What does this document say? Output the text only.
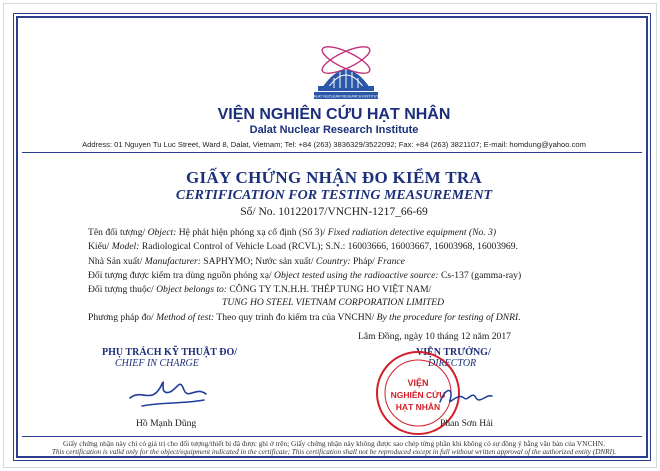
DALAT NUCLEAR RESEARCH INSTITUTE
VIỆN NGHIÊN CỨU HẠT NHÂN
Dalat Nuclear Research Institute
Address: 01 Nguyen Tu Luc Street, Ward 8, Dalat, Vietnam; Tel: +84 (263) 3836329/3522092; Fax: +84 (263) 3821107; E-mail: homdung@yahoo.com
GIẤY CHỨNG NHẬN ĐO KIỂM TRA
CERTIFICATION FOR TESTING MEASUREMENT
Số/ No. 10122017/VNCHN-1217_66-69
Tên đối tượng/ Object: Hệ phát hiện phóng xạ cố định (Số 3)/ Fixed radiation detective equipment (No. 3)
Kiểu/ Model: Radiological Control of Vehicle Load (RCVL); S.N.: 16003666, 16003667, 16003968, 16003969.
Nhà Sản xuất/ Manufacturer: SAPHYMO; Nước sản xuất/ Country: Pháp/ France
Đối tượng được kiểm tra dùng nguồn phóng xạ/ Object tested using the radioactive source: Cs-137 (gamma-ray)
Đối tượng thuộc/ Object belongs to: CÔNG TY T.N.H.H. THÉP TUNG HO VIỆT NAM/
TUNG HO STEEL VIETNAM CORPORATION LIMITED
Phương pháp đo/ Method of test: Theo quy trình đo kiểm tra của VNCHN/ By the procedure for testing of DNRI.
Lâm Đồng, ngày 10 tháng 12 năm 2017
PHỤ TRÁCH KỸ THUẬT ĐO/
CHIEF IN CHARGE
Hồ Mạnh Dũng
VIỆN TRƯỞNG/
DIRECTOR
VIỆN
NGHIÊN CỨU
HẠT NHÂN
Phan Sơn Hải
Giấy chứng nhận này chỉ có giá trị cho đối tượng/thiết bị đã được ghi ở trên; Giấy chứng nhận này không được sao chép từng phần khi không có sự đồng ý bằng văn bản của VNCHN.
This certification is valid only for the object/equipment indicated in the certificate; This certification shall not be reproduced except in full without written approval of the authorized entity (DNRI).
